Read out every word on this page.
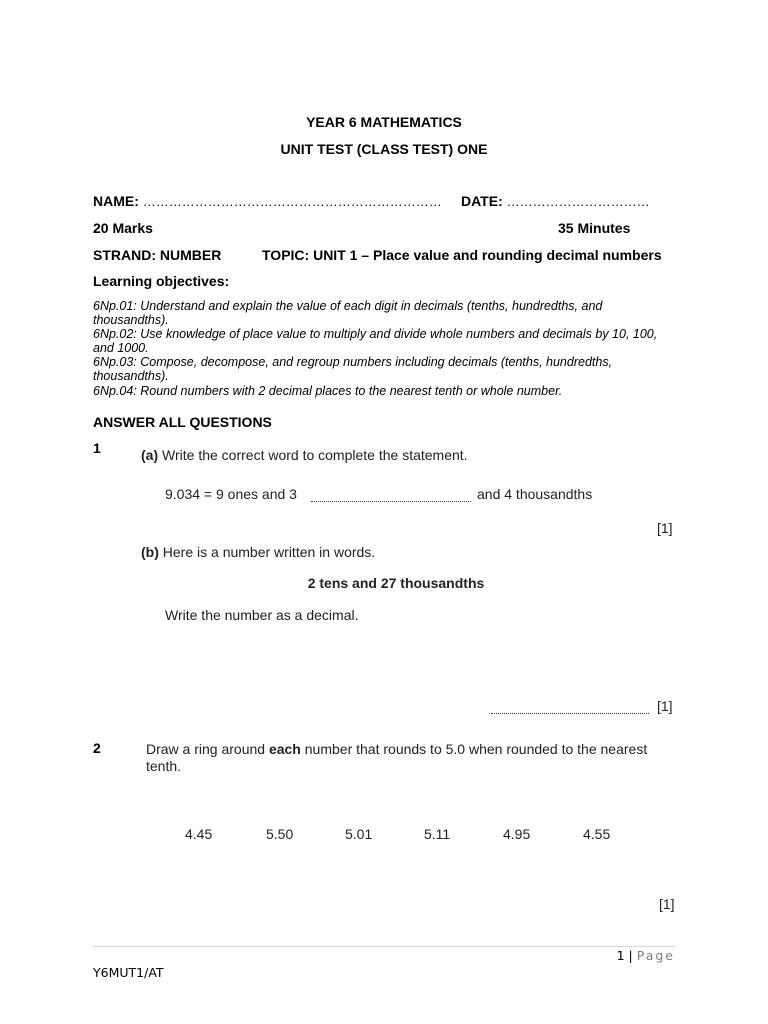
YEAR 6 MATHEMATICS
UNIT TEST (CLASS TEST) ONE
NAME: …………………………………………………………… DATE: ……………………………
20 Marks	35 Minutes
STRAND: NUMBER	TOPIC: UNIT 1 – Place value and rounding decimal numbers
Learning objectives:
6Np.01: Understand and explain the value of each digit in decimals (tenths, hundredths, and thousandths).
6Np.02: Use knowledge of place value to multiply and divide whole numbers and decimals by 10, 100, and 1000.
6Np.03: Compose, decompose, and regroup numbers including decimals (tenths, hundredths, thousandths).
6Np.04: Round numbers with 2 decimal places to the nearest tenth or whole number.
ANSWER ALL QUESTIONS
1	(a) Write the correct word to complete the statement.
9.034 = 9 ones and 3	and 4 thousandths
[1]
(b) Here is a number written in words.
2 tens and 27 thousandths
Write the number as a decimal.
[1]
2	Draw a ring around each number that rounds to 5.0 when rounded to the nearest
tenth.
4.45	5.50	5.01	5.11	4.95	4.55
[1]
1 | Page
Y6MUT1/AT
